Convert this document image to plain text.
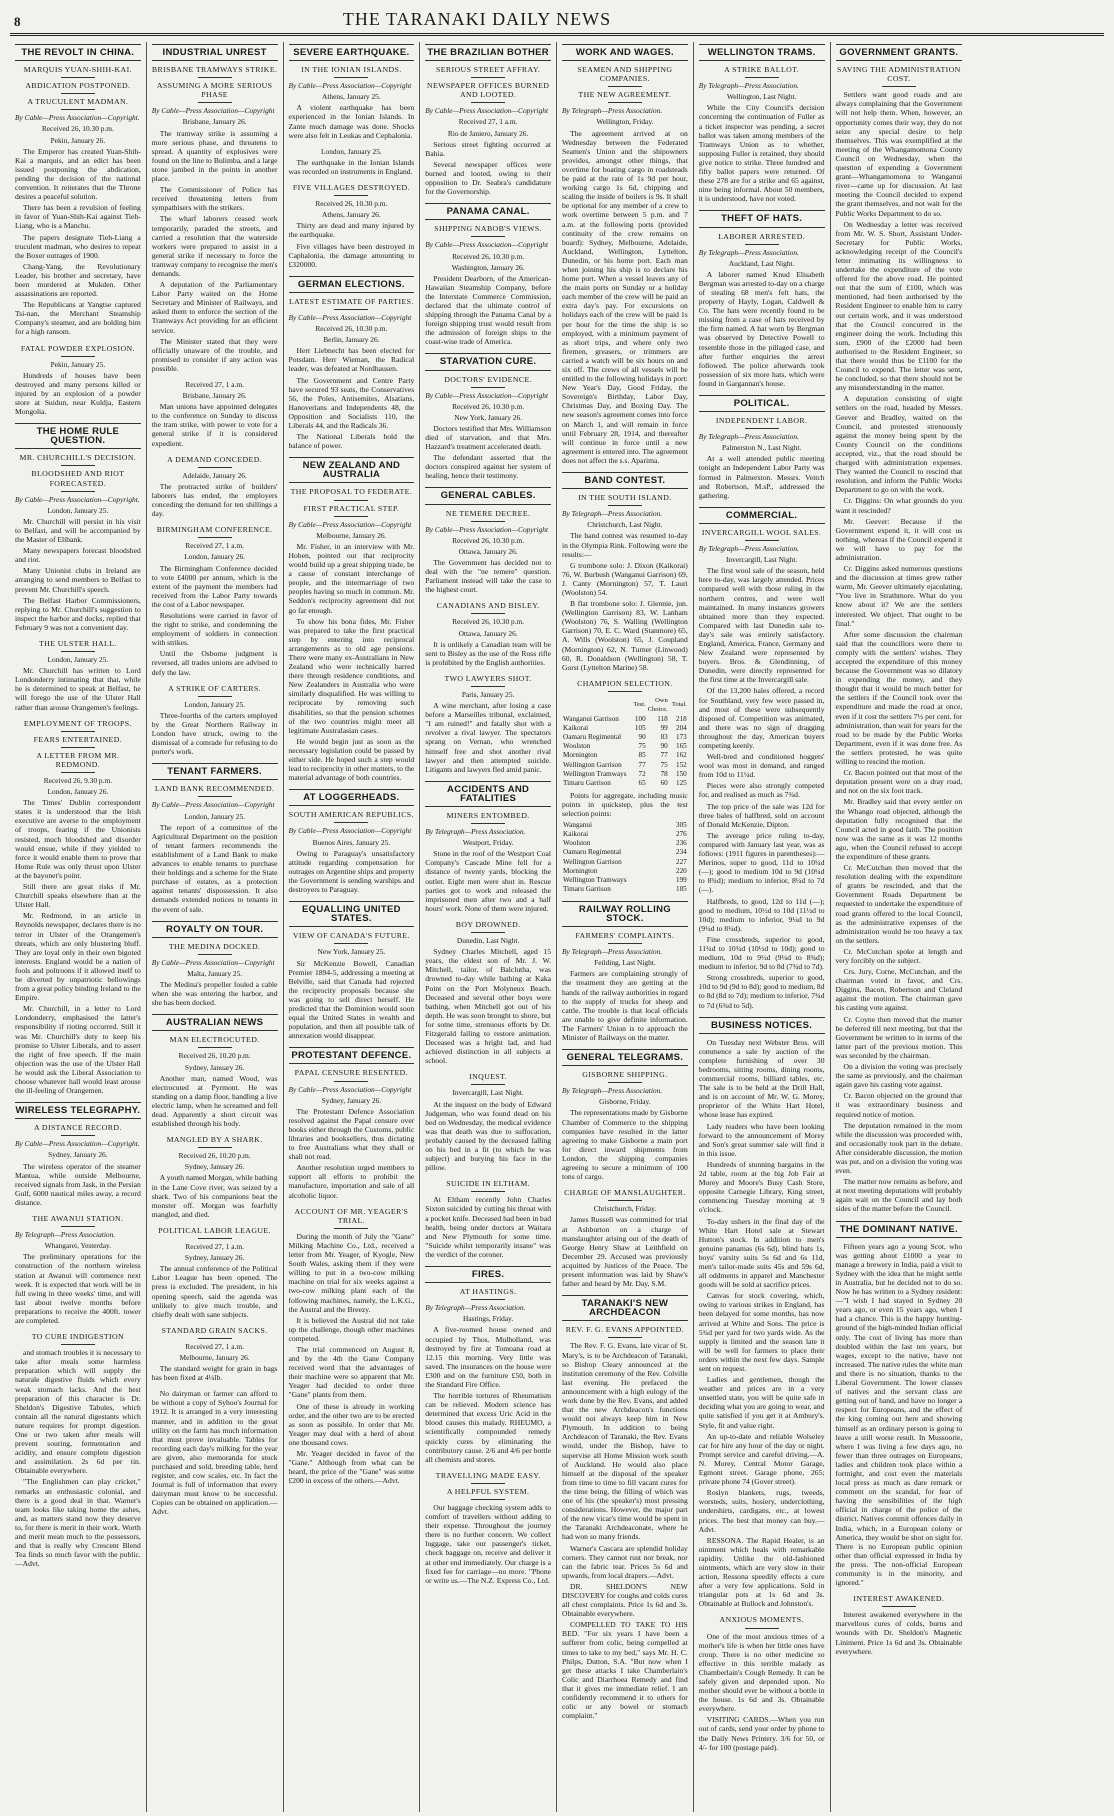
8	THE TARANAKI DAILY NEWS
THE REVOLT IN CHINA.
MARQUIS YUAN-SHIH-KAI.
ABDICATION POSTPONED.
A TRUCULENT MADMAN.
By Cable—Press Association—Copyright.
Received 26, 10.30 p.m.
Pekin, January 26.

The Emperor has created Yuan-Shih-Kai a marquis, and an edict has been issued postponing the abdication, pending the decision of the national convention. It reiterates that the Throne desires a peaceful solution.

There has been a revulsion of feeling in favor of Yuan-Shih-Kai against Tieh-Liang, who is a Manchu.

The papers designate Tieh-Liang a truculent madman, who desires to repeat the Boxer outrages of 1900.

Chang-Yang, the Revolutionary Leader, his brother and secretary, have been murdered at Mukden. Other assassinations are reported.

The Republicans at Yangtse captured Tsi-nan, the Merchant Steamship Company's steamer, and are holding him for a high ransom.

FATAL POWDER EXPLOSION.
Pekin, January 25.

Hundreds of houses have been destroyed and many persons killed or injured by an explosion of a powder store at Suidun, near Kuldja, Eastern Mongolia.

THE HOME RULE QUESTION.
MR. CHURCHILL'S DECISION.
BLOODSHED AND RIOT FORECASTED.
By Cable—Press Association—Copyright.
London, January 25.

Mr. Churchill will persist in his visit to Belfast, and will be accompanied by the Master of Elibank.

Many newspapers forecast bloodshed and riot.

Many Unionist clubs in Ireland are arranging to send members to Belfast to prevent Mr. Churchill's speech.

The Belfast Harbor Commissioners, replying to Mr. Churchill's suggestion to inspect the harbor and docks, replied that February 9 was not a convenient day.

THE ULSTER HALL.
London, January 25.

Mr. Churchill has written to Lord Londonderry intimating that that, while he is determined to speak at Belfast, he will forego the use of the Ulster Hall rather than arouse Orangemen's feelings.

EMPLOYMENT OF TROOPS.
FEARS ENTERTAINED.
A LETTER FROM MR. REDMOND.
Received 26, 9.30 p.m.
London, January 26.

The Times' Dublin correspondent states it is understood that the Irish executive are averse to the employment of troops, fearing if the Unionists resisted, much bloodshed and disorder would ensue, while if they yielded to force it would enable them to prove that Home Rule was only thrust upon Ulster at the bayonet's point.

Still there are great risks if Mr. Churchill speaks elsewhere than at the Ulster Hall.

Mr. Redmond, in an article in Reynolds newspaper, declares there is no terror in Ulster of the Orangemen's threats, which are only blustering bluff. They are loyal only in their own bigoted interests. England would be a nation of fools and poltroons if it allowed itself to be diverted by unpatriotic bellowings from a great policy binding Ireland to the Empire.

Mr. Churchill, in a letter to Lord Londonderry, emphasised the latter's responsibility if rioting occurred. Still it was Mr. Churchill's duty to keep his promise to Ulster Liberals, and to assert the right of free speech. If the main objection was the use of the Ulster Hall he would ask the Liberal Association to choose whatever hall would least arouse the ill-feeling of Orangemen.

WIRELESS TELEGRAPHY.
A DISTANCE RECORD.
By Cable—Press Association—Copyright.
Sydney, January 26.

The wireless operator of the steamer Mantua, while outside Melbourne, received signals from Jask, in the Persian Gulf, 6000 nautical miles away, a record distance.

THE AWANUI STATION.
By Telegraph—Press Association.
Whangarei, Yesterday.

The preliminary operations for the construction of the northern wireless station at Awanui will commence next week. It is expected that work will be in full swing in three weeks' time, and will last about twelve months before preparations to receive the 400ft. tower are completed.

TO CURE INDIGESTION

and stomach troubles it is necessary to take after meals some harmless preparation which will supply the naturale digestive fluids which every weak stomach lacks. And the best preparation of this character is Dr. Sheldon's Digestive Tabules, which contain all the natural digestants which nature requires for prompt digestion. One or two taken after meals will prevent souring, fermentation and acidity, and ensure complete digestion and assimilation. 2s 6d per tin. Obtainable everywhere.

"The Englishmen can play cricket," remarks an enthusiastic colonial, and there is a good deal in that. Warner's team looks like taking home the ashes, and, as matters stand now they deserve to, for there is merit in their work. Worth and merit mean much to the possessors, and that is really why Crescent Blend Tea finds so much favor with the public.—Advt.

INDUSTRIAL UNREST
BRISBANE TRAMWAYS STRIKE.
ASSUMING A MORE SERIOUS PHASE
By Cable—Press Association—Copyright
Brisbane, January 26.

The tramway strike is assuming a more serious phase, and threatens to spread. A quantity of explosives were found on the line to Bulimba, and a large stone jambed in the points in another place.

The Commissioner of Police has received threatening letters from sympathisers with the strikers.

The wharf laborers ceased work temporarily, paraded the streets, and carried a resolution that the waterside workers were prepared to assist in a general strike if necessary to force the tramway company to recognise the men's demands.

A deputation of the Parliamentary Labor Party waited on the Home Secretary and Minister of Railways, and asked them to enforce the section of the Tramways Act providing for an efficient service.

The Minister stated that they were officially unaware of the trouble, and promised to consider if any action was possible.

Received 27, 1 a.m.
Brisbane, January 26.

Man unions have appointed delegates to the conference on Sunday to discuss the tram strike, with power to vote for a general strike if it is considered expedient.

A DEMAND CONCEDED.
Adelaide, January 26.

The protracted strike of builders' laborers has ended, the employers conceding the demand for ten shillings a day.

BIRMINGHAM CONFERENCE.
Received 27, 1 a.m.
London, January 26.

The Birmingham Conference decided to vote £4000 per annum, which is the extent of the payment the members had received from the Labor Party towards the cost of a Labor newspaper.

Resolutions were carried in favor of the right to strike, and condemning the employment of soldiers in connection with strikes.

Until the Osborne judgment is reversed, all trades unions are advised to defy the law.

A STRIKE OF CARTERS.
London, January 25.

Three-fourths of the carters employed by the Great Northern Railway in London have struck, owing to the dismissal of a comrade for refusing to do porter's work.

TENANT FARMERS.
LAND BANK RECOMMENDED.
By Cable—Press Association—Copyright
London, January 25.

The report of a committee of the Agricultural Department on the position of tenant farmers recommends the establishment of a Land Bank to make advances to enable tenants to purchase their holdings and a scheme for the State purchase of estates, as a protection against tenants' dispossession. It also demands extended notices to tenants in the event of sale.

ROYALTY ON TOUR.
THE MEDINA DOCKED.
By Cable—Press Association—Copyright
Malta, January 25.

The Medina's propeller fouled a cable when she was entering the harbor, and she has been docked.

AUSTRALIAN NEWS
MAN ELECTROCUTED.
Received 26, 10.20 p.m.
Sydney, January 26.

Another man, named Wood, was electrocuted at Pyrmont. He was standing on a damp floor, handling a live electric lamp, when he screamed and fell dead. Apparently a short circuit was established through his body.

MANGLED BY A SHARK.
Received 26, 10.20 p.m.
Sydney, January 26.

A youth named Morgan, while bathing in the Lane Cove river, was seized by a shark. Two of his companions beat the monster off. Morgan was fearfully mangled, and died.

POLITICAL LABOR LEAGUE.
Received 27, 1 a.m.
Sydney, January 26.

The annual conference of the Political Labor League has been opened. The press is excluded. The president, in his opening speech, said the agenda was unlikely to give much trouble, and chiefly dealt with sane subjects.

STANDARD GRAIN SACKS.
Received 27, 1 a.m.
Melbourne, January 26.

The standard weight for grain in bags has been fixed at 4¼lb.

No dairyman or farmer can afford to be without a copy of Syhoo's Journal for 1912. It is arranged in a very interesting manner, and in addition to the great utility on the farm has much information that must prove invaluable. Tables for recording each day's milking for the year are given, also memoranda for stock purchased and sold, breeding table, herd register, and cow scales, etc. In fact the Journal is full of information that every dairyman must know to be successful. Copies can be obtained on application.—Advt.

SEVERE EARTHQUAKE.
IN THE IONIAN ISLANDS.
By Cable—Press Association—Copyright
Athens, January 25.

A violent earthquake has been experienced in the Ionian Islands. In Zante much damage was done. Shocks were also felt in Leukas and Cephalonia.

London, January 25.

The earthquake in the Ionian Islands was recorded on instruments in England.

FIVE VILLAGES DESTROYED.
Received 26, 10.30 p.m.
Athens, January 26.

Thirty are dead and many injured by the earthquake.

Five villages have been destroyed in Caphalonia, the damage amounting to £320000.

GERMAN ELECTIONS.
LATEST ESTIMATE OF PARTIES.
By Cable—Press Association—Copyright
Received 26, 10.30 p.m.
Berlin, January 26.

Herr Liebnecht has been elected for Potsdam. Herr Wieman, the Radical leader, was defeated at Nordhausen.

The Government and Centre Party have secured 93 seats, the Conservatives 56, the Poles, Antisemites, Alsatians, Hanoverians and Independents 48, the Opposition and Socialists 110, the Liberals 44, and the Radicals 36.

The National Liberals hold the balance of power.

NEW ZEALAND AND AUSTRALIA
THE PROPOSAL TO FEDERATE.
FIRST PRACTICAL STEP.
By Cable—Press Association—Copyright
Melbourne, January 26.

Mr. Fisher, in an interview with Mr. Hoben, pointed out that reciprocity would build up a great shipping trade, be a cause of constant interchange of people, and the intermarriage of two peoples having so much in common. Mr. Seddon's reciprocity agreement did not go far enough.

To show his bona fides, Mr. Fisher was prepared to take the first practical step by entering into reciprocal arrangements as to old age pensions. There were many ex-Australians in New Zealand who were technically barred there through residence conditions, and New Zealanders in Australia who were similarly disqualified. He was willing to reciprocate by removing such disabilities, so that the pension schemes of the two countries might meet all legitimate Australasian cases.

He would begin just as soon as the necessary legislation could be passed by either side. He hoped such a step would lead to reciprocity in other matters, to the material advantage of both countries.

AT LOGGERHEADS.
SOUTH AMERICAN REPUBLICS.
By Cable—Press Association—Copyright
Buenos Aires, January 25.

Owing to Paraguay's unsatisfactory attitude regarding compensation for outrages on Argentine ships and property the Government is sending warships and destroyers to Paraguay.

EQUALLING UNITED STATES.
VIEW OF CANADA'S FUTURE.
New York, January 25.

Sir McKenzie Bowell, Canadian Premier 1894-5, addressing a meeting at Belville, said that Canada had rejected the reciprocity proposals because she was going to sell direct herself. He predicted that the Dominion would soon equal the United States in wealth and population, and then all possible talk of annexation would disappear.

PROTESTANT DEFENCE.
PAPAL CENSURE RESENTED.
By Cable—Press Association—Copyright
Sydney, January 26.

The Protestant Defence Association resolved against the Papal censure over books either through the Customs, public libraries and booksellers, thus dictating to free Australians what they shall or shall not read.

Another resolution urged members to support all efforts to prohibit the manufacture, importation and sale of all alcoholic liquor.

ACCOUNT OF MR. YEAGER'S TRIAL.

During the month of July the "Gane" Milking Machine Co., Ltd., received a letter from Mr. Yeager, of Kyogle, New South Wales, asking them if they were willing to put in a two-cow milking machine on trial for six weeks against a two-cow milking plant each of the following machines, namely, the L.K.G., the Austral and the Breezy.

It is believed the Austral did not take up the challenge, though other machines competed.

The trial commenced on August 8, and by the 4th the Gane Company received word that the advantages of their machine were so apparent that Mr. Yeager had decided to order three "Gane" plants from them.

One of these is already in working order, and the other two are to be erected as soon as possible. In order that Mr. Yeager may deal with a herd of about one thousand cows.

Mr. Yeager decided in favor of the "Gane." Although from what can be heard, the price of the "Gane" was some £200 in excess of the others.—Advt.

THE BRAZILIAN BOTHER
SERIOUS STREET AFFRAY.
NEWSPAPER OFFICES BURNED AND LOOTED.
By Cable—Press Association—Copyright
Received 27, 1 a.m.
Rio de Janiero, January 26.

Serious street fighting occurred at Bahia.

Several newspaper offices were burned and looted, owing to their opposition to Dr. Seabra's candidature for the Governorship.

PANAMA CANAL.
SHIPPING NABOB'S VIEWS.
By Cable—Press Association—Copyright
Received 26, 10.30 p.m.
Washington, January 26.

President Dearborn, of the American-Hawaiian Steamship Company, before the Interstate Commerce Commission, declared that the ultimate control of shipping through the Panama Canal by a foreign shipping trust would result from the admission of foreign ships to the coast-wise trade of America.

STARVATION CURE.
DOCTORS' EVIDENCE.
By Cable—Press Association—Copyright
Received 26, 10.30 p.m.
New York, January 26.

Doctors testified that Mrs. Williamson died of starvation, and that Mrs. Hazzard's treatment accelerated death.

The defendant asserted that the doctors conspired against her system of healing, hence their testimony.

GENERAL CABLES.
NE TEMERE DECREE.
By Cable—Press Association—Copyright
Received 26, 10.30 p.m.
Ottawa, January 26.

The Government has decided not to deal with the "ne temere" question. Parliament instead will take the case to the highest court.

CANADIANS AND BISLEY.
Received 26, 10.30 p.m.
Ottawa, January 26.

It is unlikely a Canadian team will be sent to Bisley as the use of the Ross rifle is prohibited by the English authorities.

TWO LAWYERS SHOT.
Paris, January 25.

A wine merchant, after losing a case before a Marseilles tribunal, exclaimed, "I am ruined!" and fatally shot with a revolver a rival lawyer. The spectators sprang on Vernan, who wrenched himself free and shot another rival lawyer and then attempted suicide. Litigants and lawyers fled amid panic.

ACCIDENTS AND FATALITIES
MINERS ENTOMBED.
By Telegraph—Press Association.
Westport, Friday.

Stone in the roof of the Westport Coal Company's Cascade Mine fell for a distance of twenty yards, blocking the outlet. Eight men were shut in. Rescue parties got to work and released the imprisoned men after two and a half hours' work. None of them were injured.

BOY DROWNED.
Dunedin, Last Night.

Sydney Charles Mitchell, aged 15 years, the eldest son of Mr. J. W. Mitchell, tailor, of Balclutha, was drowned to-day while bathing at Kaka Point on the Port Molyneux Beach. Deceased and several other boys were bathing, when Mitchell got out of his depth. He was soon brought to shore, but for some time, strenuous efforts by Dr. Fitzgerald failing to restore animation. Deceased was a bright lad, and had achieved distinction in all subjects at school.

INQUEST.
Invercargill, Last Night.

At the inquest on the body of Edward Judgeman, who was found dead on his bed on Wednesday, the medical evidence was that death was due to suffocation, probably caused by the deceased falling on his bed in a fit (to which he was subject) and burying his face in the pillow.

SUICIDE IN ELTHAM.

At Eltham recently John Charles Sixton suicided by cutting his throat with a pocket knife. Deceased had been in bad health, being under doctors at Waitara and New Plymouth for some time. "Suicide whilst temporarily insane" was the verdict of the coroner.

FIRES.
AT HASTINGS.
By Telegraph—Press Association.
Hastings, Friday.

A five-roomed house owned and occupied by Thos. Mulholland, was destroyed by fire at Tomoana road at 12.15 this morning. Very little was saved. The insurances on the house were £300 and on the furniture £50, both in the Standard Fire Office.

The horrible tortures of Rheumatism can be relieved. Modern science has determined that excess Uric Acid in the blood causes this malady. RHEUMO, a scientifically compounded remedy quickly cures by eliminating the contributory cause. 2/6 and 4/6 per bottle all chemists and stores.

TRAVELLING MADE EASY.
A HELPFUL SYSTEM.

Our baggage checking system adds to comfort of travellers without adding to their expense. Throughout the journey there is no further concern. We collect luggage, take our passenger's ticket, check baggage on, receive and deliver it at other end immediately. Our charge is a fixed fee for carriage—no more. "Phone or write us.—The N.Z. Express Co., Ltd.

WORK AND WAGES.
SEAMEN AND SHIPPING COMPANIES.
THE NEW AGREEMENT.
By Telegraph—Press Association.
Wellington, Friday.

The agreement arrived at on Wednesday between the Federated Seamen's Union and the shipowners provides, amongst other things, that overtime for boating cargo in roadsteads be paid at the rate of 1s 9d per hour, working cargo 1s 6d, chipping and scaling the inside of boilers is 9s. It shall be optional for any member of a crew to work overtime between 5 p.m. and 7 a.m. at the following ports (provided continuity of the crew remains on board): Sydney, Melbourne, Adelaide, Auckland, Wellington, Lyttelton, Dunedin, or his home port. Each man when joining his ship is to declare his home port. When a vessel leaves any of the main ports on Sunday or a holiday each member of the crew will be paid an extra day's pay. For excursions on holidays each of the crew will be paid 1s per hour for the time the ship is so employed, with a minimum payment of as short trips, and where only two firemen, greasers, or trimmers are carried a watch will be six hours on and six off. The crews of all vessels will be entitled to the following holidays in port: New Year's Day, Good Friday, the Sovereign's Birthday, Labor Day, Christmas Day, and Boxing Day. The new season's agreement comes into force on March 1, and will remain in force until February 28, 1914, and thereafter will continue in force until a new agreement is entered into. The agreement does not affect the s.s. Aparima.

BAND CONTEST.
IN THE SOUTH ISLAND.
By Telegraph—Press Association.
Christchurch, Last Night.

The band contest was resumed to-day in the Olympia Rink. Following were the results:—

G trombone solo: J. Dixon (Kaikorai) 76, W. Burbush (Wanganui Garrison) 69, J. Canty (Mornington) 57, T. Lauri (Woolston) 54.

B flat trombone solo: J. Glennie, jun. (Wellington Garrison) 83, W. Lanham (Woolston) 76, S. Walling (Wellington Garrison) 70, E. C. Ward (Stanmore) 65, A. Wills (Woolston) 65, J. Coupland (Mornington) 62, N. Turner (Linwood) 60, R. Donaldson (Wellington) 58, T. Gorst (Lyttelton Marine) 58.

CHAMPION SELECTION.
	Test.	Own Choice.	Total.
Wanganui Garrison	100	118	218
Kaikorai	105	99	204
Oamaru Regimental	90	83	173
Woolston	75	90	165
Mornington	85	77	162
Wellington Garrison	77	75	152
Wellington Tramways	72	78	150
Timaru Garrison	65	60	125

Points for aggregate, including music points in quickstep, plus the test selection points:

Wanganui	305
Kaikorai	276
Woolston	236
Oamaru Regimental	234
Wellington Garrison	227
Mornington	220
Wellington Tramways	199
Timaru Garrison	185
RAILWAY ROLLING STOCK.
FARMERS' COMPLAINTS.
By Telegraph—Press Association.
Feilding, Last Night.

Farmers are complaining strongly of the treatment they are getting at the hands of the railway authorities in regard to the supply of trucks for sheep and cattle. The trouble is that local officials are unable to give definite information. The Farmers' Union is to approach the Minister of Railways on the matter.

GENERAL TELEGRAMS.
GISBORNE SHIPPING.
By Telegraph—Press Association.
Gisborne, Friday.

The representations made by Gisborne Chamber of Commerce to the shipping companies have resulted in the latter agreeing to make Gisborne a main port for direct inward shipments from London, the shipping companies agreeing to secure a minimum of 100 tons of cargo.

CHARGE OF MANSLAUGHTER.
Christchurch, Friday.

James Russell was committed for trial at Ashburton on a charge of manslaughter arising out of the death of George Henry Shaw at Leithfield on December 29. Accused was previously acquitted by Justices of the Peace. The present information was laid by Shaw's father and heard by Mr. Day, S.M.

TARANAKI'S NEW ARCHDEACON
REV. F. G. EVANS APPOINTED.

The Rev. F. G. Evans, late vicar of St. Mary's, is to be Archdeacon of Taranaki, so Bishop Cleary announced at the institution ceremony of the Rev. Colville last evening. He prefaced the announcement with a high eulogy of the work done by the Rev. Evans, and added that the new Archdeacon's functions would not always keep him in New Plymouth. In addition to being Archdeacon of Taranaki, the Rev. Evans would, under the Bishop, have to supervise all Home Mission work south of Auckland. He would also place himself at the disposal of the speaker from time to time to fill vacant cures for the time being, the filling of which was one of his (the speaker's) most pressing considerations. However, the major part of the new vicar's time would be spent in the Taranaki Archdeaconate, where he had won so many friends.

Warner's Cascara are splendid holiday corners. They cannot rust nor break, nor can the fabric tear. Prices 5s 6d and upwards, from local drapers.—Advt.

DR. SHELDON'S NEW DISCOVERY for coughs and colds cures all chest complaints. Price 1s 6d and 3s. Obtainable everywhere.

COMPELLED TO TAKE TO HIS BED. "For six years I have been a sufferer from colic, being compelled at times to take to my bed," says Mr. H. C. Philps, Dutton, S.A. "But now when I get these attacks I take Chamberlain's Colic and Diarrhoea Remedy and find that it gives me immediate relief. I am confidently recommend it to others for colic or any bowel or stomach complaint."

WELLINGTON TRAMS.
A STRIKE BALLOT.
By Telegraph—Press Association.
Wellington, Last Night.

While the City Council's decision concerning the continuation of Fuller as a ticket inspector was pending, a secret ballot was taken among members of the Tramways Union as to whether, supposing Fuller is retained, they should give notice to strike. Three hundred and fifty ballot papers were returned. Of these 278 are for a strike and 65 against, nine being informal. About 50 members, it is understood, have not voted.

THEFT OF HATS.
LABORER ARRESTED.
By Telegraph—Press Association.
Auckland, Last Night.

A laborer named Knud Elisabeth Bergman was arrested to-day on a charge of stealing 68 men's felt hats, the property of Hayly, Logan, Caldwell & Co. The hats were recently found to be missing from a case of hats received by the firm named. A hat worn by Bergman was observed by Detective Powell to resemble those in the pillaged case, and after further enquiries the arrest followed. The police afterwards took possession of six more hats, which were found in Gargannan's house.

POLITICAL.
INDEPENDENT LABOR.
By Telegraph—Press Association.
Palmerston N., Last Night.

At a well attended public meeting tonight an Independent Labor Party was formed in Palmerston. Messrs. Veitch and Robertson, M.sP., addressed the gathering.

COMMERCIAL.
INVERCARGILL WOOL SALES.
By Telegraph—Press Association.
Invercargill, Last Night.

The first wool sale of the season, held here to-day, was largely attended. Prices compared well with those ruling in the northern centres, and were well maintained. In many instances growers obtained more than they expected. Compared with last Dunedin sale to-day's sale was entirely satisfactory. England, America, France, Germany and New Zealand were represented by buyers. Bros. & Glendinning, of Dunedin, were directly represented for the first time at the Invercargill sale.

Of the 13,200 bales offered, a record for Southland, very few were passed in, and most of these were subsequently disposed of. Competition was animated, and there was no sign of dragging throughout the day, American buyers competing keenly.

Well-bred and conditioned hoggets' wool was most in demand, and ranged from 10d to 11¼d.

Pieces were also strongly competed for, and realised as much as 7¾d.

The top price of the sale was 12d for three bales of halfbred, sold on account of Donald McKenzie, Dipton.

The average price ruling to-day, compared with January last year, was as follows: (1911 figures in parentheses):— Merinos, super to good, 11d to 10¼d (—); good to medium 10d to 9d (10¼d to 8¾d); medium to inferior, 8¼d to 7d (—).

Halfbreds, to good, 12d to 11d (—); good to medium, 10½d to 10d (11½d to 10d); medium to inferior, 9¼d to 9d (9¼d to 8¼d).

Fine crossbreds, superior to good, 11¾d to 10¾d (10½d to 10d); good to medium, 10d to 9½d (9¼d to 8¾d); medium to inferior, 9d to 8d (7¾d to 7d).

Strong crossbreds, superior to good, 10d to 9d (9d to 8d); good to medium, 8d to 8d (8d to 7d); medium to inferior, 7¾d to 7d (6¾d to 5d).

BUSINESS NOTICES.

On Tuesday next Webster Bros. will commence a sale by auction of the complete furnishing of over 30 bedrooms, sitting rooms, dining rooms, commercial rooms, billiard tables, etc. The sale is to be held at the Drill Hall, and is on account of Mr. W. G. Morey, proprietor of the White Hart Hotel, whose lease has expired.

Lady readers who have been looking forward to the announcement of Morey and Son's great summer sale will find it in this issue.

Hundreds of stunning bargains in the 2d table, room at the big Job Fair at Morey and Moore's Busy Cash Store, opposite Carnegie Library, King street, commencing Tuesday morning at 9 o'clock.

To-day ushers in the final day of the White Hart Hotel sale at Stewart Hutton's stock. In addition to men's genuine panamas (6s 6d), blind hats 1s, boys' varsity suits 5s 6d and 6s 11d, men's tailor-made suits 45s and 59s 6d, all oddments in apparel and Manchester goods will be sold at sacrifice prices.

Canvas for stock covering, which, owing to various strikes in England, has been delayed for some months, has now arrived at White and Sons. The price is 5¾d per yard for two yards wide. As the supply is limited and the season late it will be well for farmers to place their orders within the next few days. Sample sent on request.

Ladies and gentlemen, though the weather and prices are in a very unsettled state, you will be quite safe in deciding what you are going to wear, and quite satisfied if you get it at Ambury's. Style, fit and value right.

An up-to-date and reliable Wolseley car for hire any hour of the day or night. Prompt service and careful driving.—A. N. Morey, Central Motor Garage, Egmont street. Garage phone, 265; private phone 74 (Gover street).

Roslyn blankets, rugs, tweeds, worsteds, suits, hosiery, underclothing, undershirts, cardigans, etc., at lowest prices. The best that money can buy.—Advt.

RESSONA. The Rapid Healer, is an ointment which heals with remarkable rapidity. Unlike the old-fashioned ointments, which are very slow in their action, Ressona speedily effects a cure after a very few applications. Sold in triangular pots at 1s 6d and 3s. Obtainable at Bullock and Johnston's.

ANXIOUS MOMENTS.

One of the most anxious times of a mother's life is when her little ones have croup. There is no other medicine so effective in this terrible malady as Chamberlain's Cough Remedy. It can be safely given and depended upon. No mother should ever be without a bottle in the house. 1s 6d and 3s. Obtainable everywhere.

VISITING CARDS.—When you run out of cards, send your order by phone to the Daily News Printery. 3/6 for 50, or 4/- for 100 (postage paid).

GOVERNMENT GRANTS.
SAVING THE ADMINISTRATION COST.

Settlers want good roads and are always complaining that the Government will not help them. When, however, an opportunity comes their way, they do not seize any special desire to help themselves. This was exemplified at the meeting of the Whangamomona County Council on Wednesday, when the question of expending a Government grant—Whangamomona to Wanganui river—came up for discussion. At last meeting the Council decided to expend the grant themselves, and not wait for the Public Works Department to do so.

On Wednesday a letter was received from Mr. W. S. Short, Assistant Under-Secretary for Public Works, acknowledging receipt of the Council's letter intimating its willingness to undertake the expenditure of the vote offered for the above road. He pointed out that the sum of £100, which was mentioned, had been authorised by the Resident Engineer to enable him to carry out certain work, and it was understood that the Council concurred in the engineer doing the work. Including this sum, £900 of the £2000 had been authorised to the Resident Engineer, so that there would thus be £1100 for the Council to expend. The letter was sent, he concluded, so that there should not be any misunderstanding in the matter.

A deputation consisting of eight settlers on the road, headed by Messrs. Geever and Bradley, waited on the Council, and protested strenuously against the money being spent by the County Council on the conditions accepted, viz., that the road should be charged with administration expenses. They wanted the Council to rescind that resolution, and inform the Public Works Department to go on with the work.

Cr. Diggins: On what grounds do you want it rescinded?

Mr. Geever: Because if the Government expend it, it will cost us nothing, whereas if the Council expend it we will have to pay for the administration.

Cr. Diggins asked numerous questions and the discussion at times grew rather warm, Mr. Geever ultimately ejaculating, "You live in Strathmore. What do you know about it? We are the settlers interested. We object. That ought to be final."

After some discussion the chairman said that the councillors were there to comply with the settlers' wishes. They accepted the expenditure of this money because the Government was so dilatory in expending the money, and they thought that it would be much better for the settlers if the Council took over the expenditure and made the road at once, even if it cost the settlers 7½ per cent. for administration, than wait for years for the road to be made by the Public Works Department, even if it was done free. As the settlers protested, he was quite willing to rescind the motion.

Cr. Bacon pointed out that most of the deputation present were on a dray road, and not on the six foot track.

Mr. Bradley said that every settler on the Whango road objected, although the deputation fully recognised that the Council acted in good faith. The position now was the same as it was 12 months ago, when the Council refused to accept the expenditure of these grants.

Cr. McCutchan then moved that the resolution dealing with the expenditure of grants be rescinded, and that the Government Roads Department be requested to undertake the expenditure of road grants offered to the local Council, as the administrative expenses of the administration would be too heavy a tax on the settlers.

Cr. McCutchan spoke at length and very forcibly on the subject.

Crs. Jury, Corne, McCutchan, and the chairman voted in favor, and Crs. Diggins, Bacon, Robertson and Cleland against the motion. The chairman gave his casting vote against.

Cr. Coyne then moved that the matter be deferred till next meeting, but that the Government be written to in terms of the latter part of the previous motion. This was seconded by the chairman.

On a division the voting was precisely the same as previously, and the chairman again gave his casting vote against.

Cr. Bacon objected on the ground that it was extraordinary business and required notice of motion.

The deputation remained in the room while the discussion was proceeded with, and occasionally took part in the debate. After considerable discussion, the motion was put, and on a division the voting was even.

The matter now remains as before, and at next meeting deputations will probably again wait on the Council and lay both sides of the matter before the Council.

THE DOMINANT NATIVE.

Fifteen years ago a young Scot, who was getting about £1000 a year to manage a brewery in India, paid a visit to Sydney with the idea that he might settle in Australia, but he decided not to do so. Now he has written to a Sydney resident:—"I wish I had stayed in Sydney 20 years ago, or even 15 years ago, when I had a chance. This is the happy hunting-ground of the high-minded Indian official only. The cost of living has more than doubled within the last ten years, but wages, except to the native, have not increased. The native rules the white man and there is no situation, thanks to the Liberal Government. The lower classes of natives and the servant class are getting out of hand, and have no longer a respect for Europeans, and the effect of the king coming out here and showing himself as an ordinary person is going to leave a still worse result. In Mussoorie, where I was living a few days ago, no fewer than three outrages on Europeans, ladies and children took place within a fortnight, and cost even the materials local press as much as dare remark or comment on the scandal, for fear of having the sensibilities of the high official in charge of the police of the district. Natives commit offences daily in India, which, in a European colony or America, they would be shot on sight for. There is no European public opinion other than official expressed in India by the press. The non-official European community is in the minority, and ignored."

INTEREST AWAKENED.

Interest awakened everywhere in the marvellous cures of colds, burns and wounds with Dr. Sheldon's Magnetic Liniment. Price 1s 6d and 3s. Obtainable everywhere.
